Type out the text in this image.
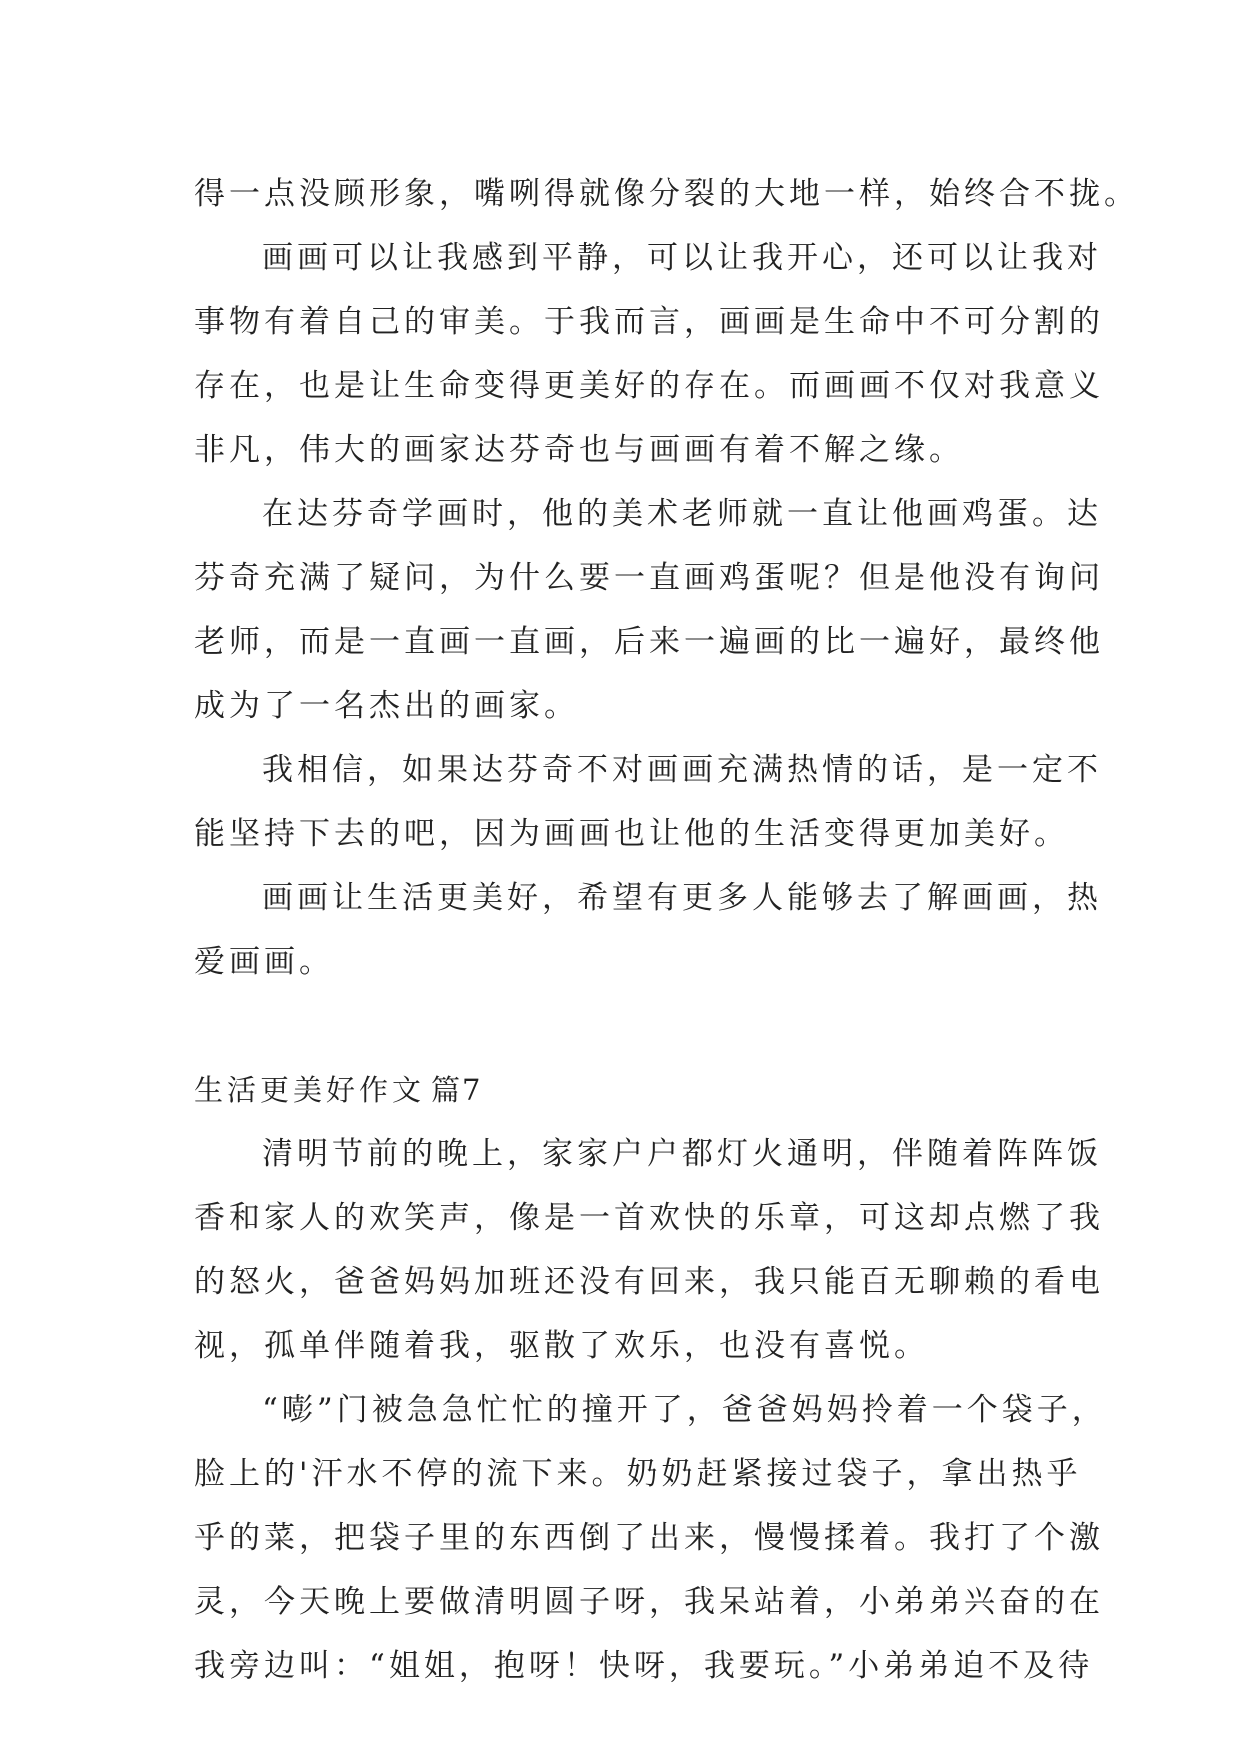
得一点没顾形象，嘴咧得就像分裂的大地一样，始终合不拢。
画画可以让我感到平静，可以让我开心，还可以让我对
事物有着自己的审美。于我而言，画画是生命中不可分割的
存在，也是让生命变得更美好的存在。而画画不仅对我意义
非凡，伟大的画家达芬奇也与画画有着不解之缘。
在达芬奇学画时，他的美术老师就一直让他画鸡蛋。达
芬奇充满了疑问，为什么要一直画鸡蛋呢？但是他没有询问
老师，而是一直画一直画，后来一遍画的比一遍好，最终他
成为了一名杰出的画家。
我相信，如果达芬奇不对画画充满热情的话，是一定不
能坚持下去的吧，因为画画也让他的生活变得更加美好。
画画让生活更美好，希望有更多人能够去了解画画，热
爱画画。
生活更美好作文 篇7
清明节前的晚上，家家户户都灯火通明，伴随着阵阵饭
香和家人的欢笑声，像是一首欢快的乐章，可这却点燃了我
的怒火，爸爸妈妈加班还没有回来，我只能百无聊赖的看电
视，孤单伴随着我，驱散了欢乐，也没有喜悦。
“嘭”门被急急忙忙的撞开了，爸爸妈妈拎着一个袋子，
脸上的'汗水不停的流下来。奶奶赶紧接过袋子，拿出热乎
乎的菜，把袋子里的东西倒了出来，慢慢揉着。我打了个激
灵，今天晚上要做清明圆子呀，我呆站着，小弟弟兴奋的在
我旁边叫：“姐姐，抱呀！快呀，我要玩。”小弟弟迫不及待
